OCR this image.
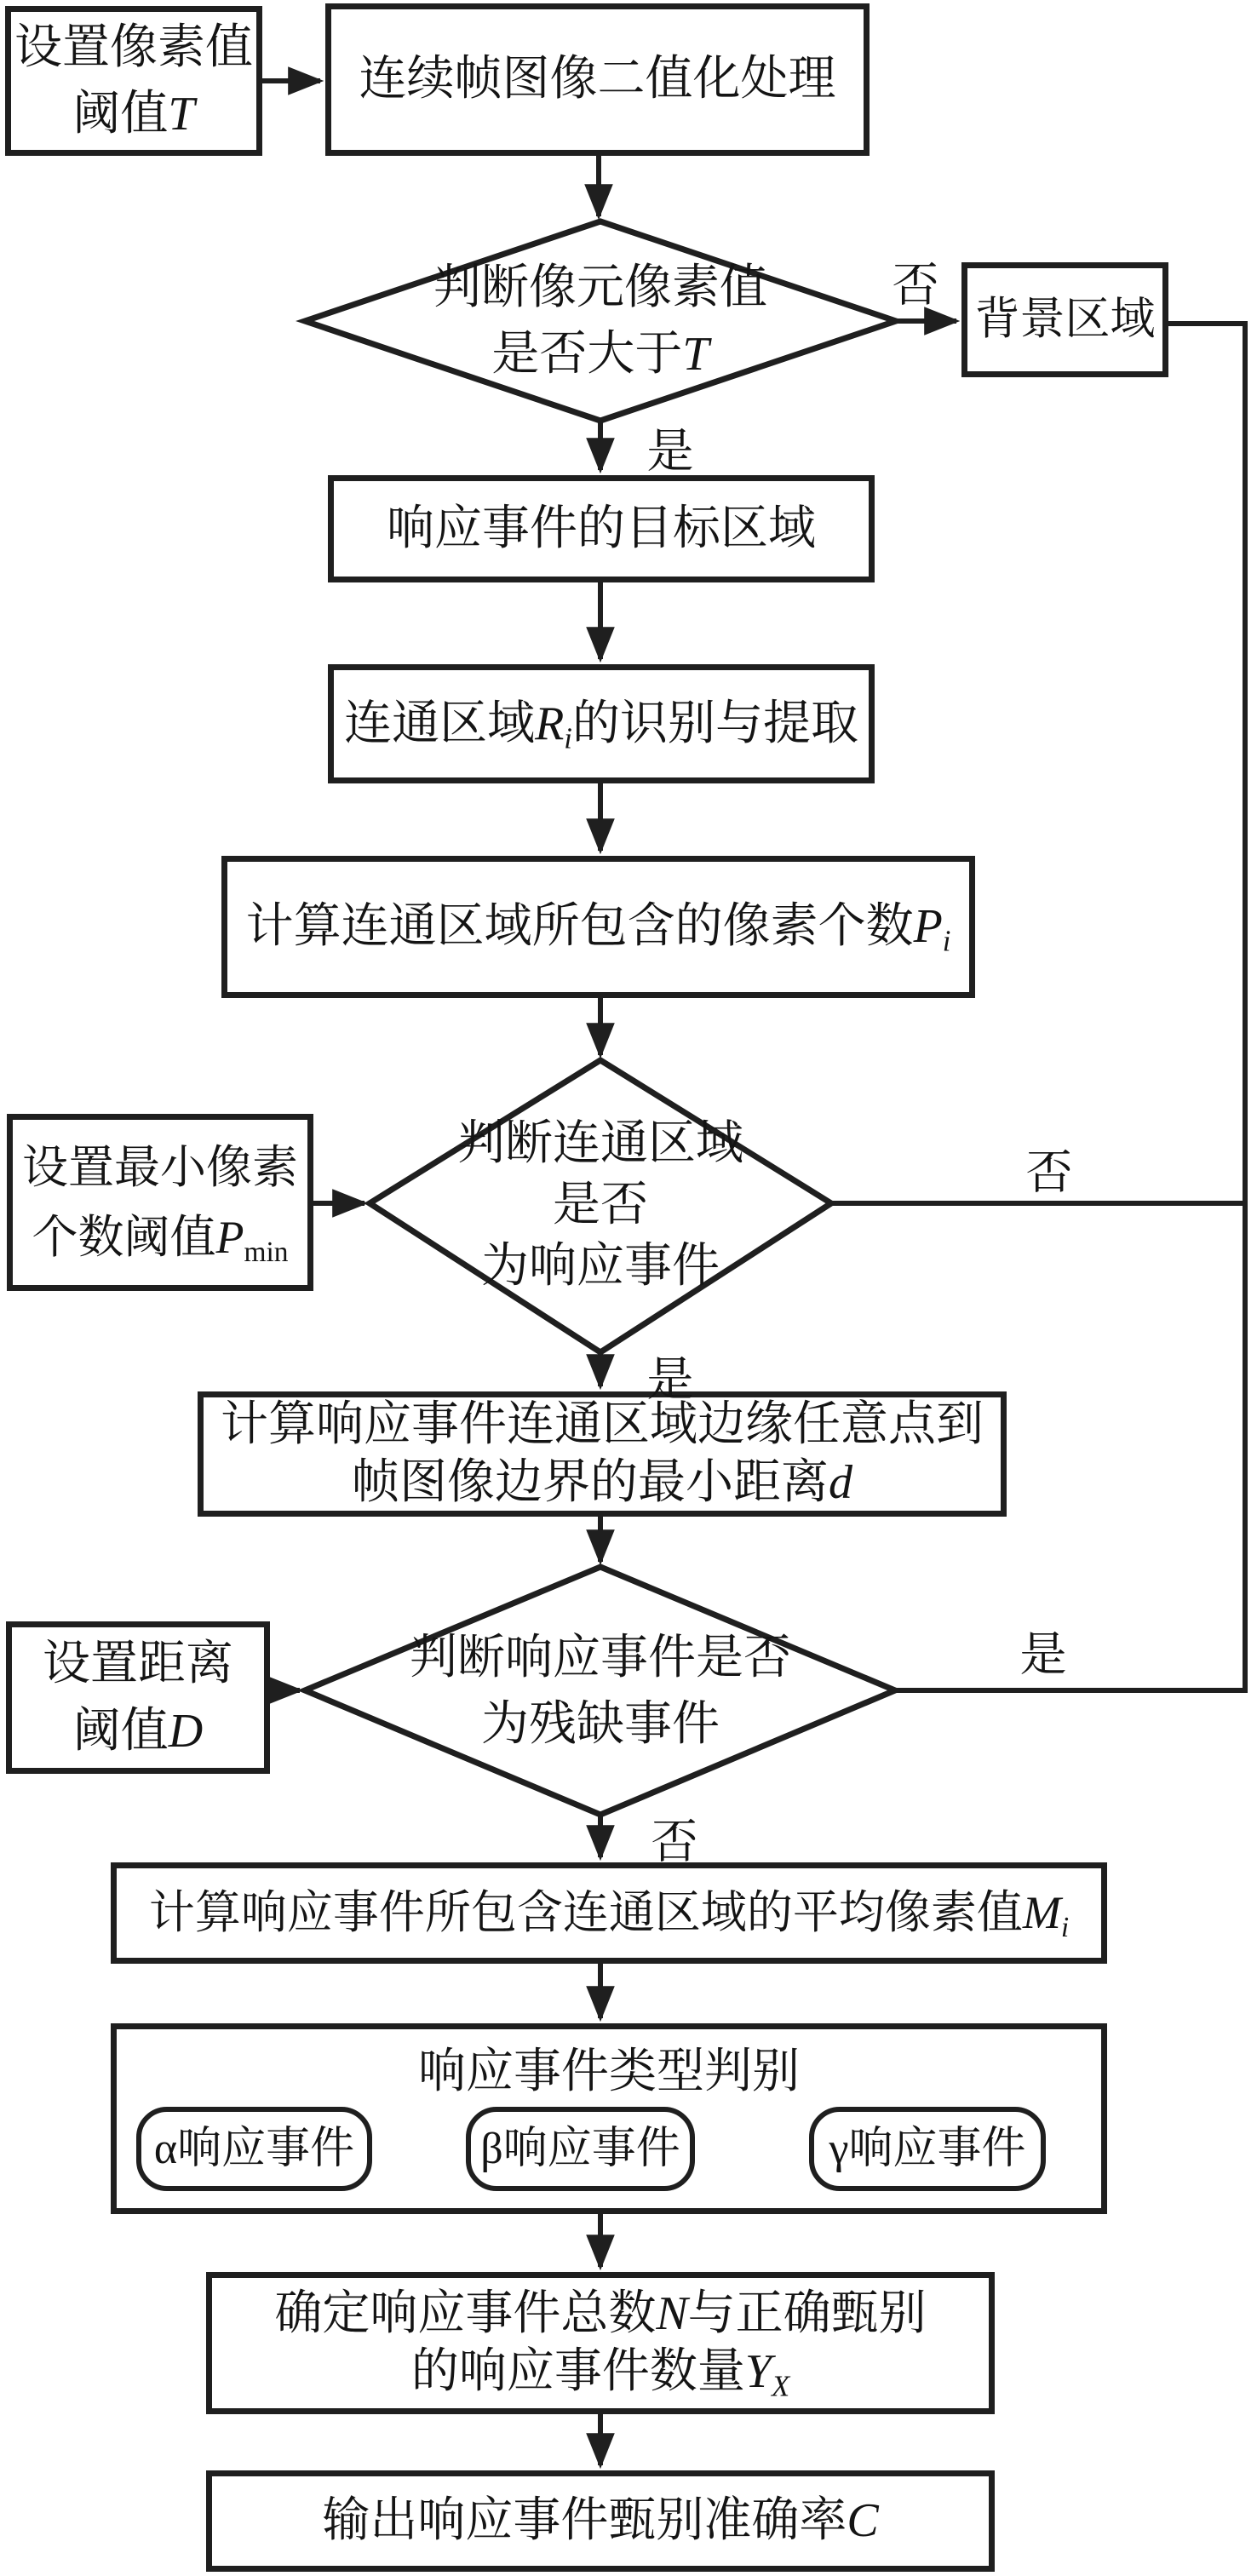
设置像素值
阈值T
连续帧图像二值化处理
背景区域
响应事件的目标区域
连通区域$R_i$的识别与提取
计算连通区域所包含的像素个数$P_i$
设置最小像素
个数阈值$P_{min}$
计算响应事件连通区域边缘任意点到
帧图像边界的最小距离d
设置距离
阈值D
计算响应事件所包含连通区域的平均像素值$M_i$
响应事件类型判别
α响应事件	β响应事件	γ响应事件
确定响应事件总数N与正确甄别
的响应事件数量$Y_X$
输出响应事件甄别准确率C
判断像元像素值
是否大于T
判断连通区域
是否
为响应事件
判断响应事件是否
为残缺事件
否
是
否
是
是
否
